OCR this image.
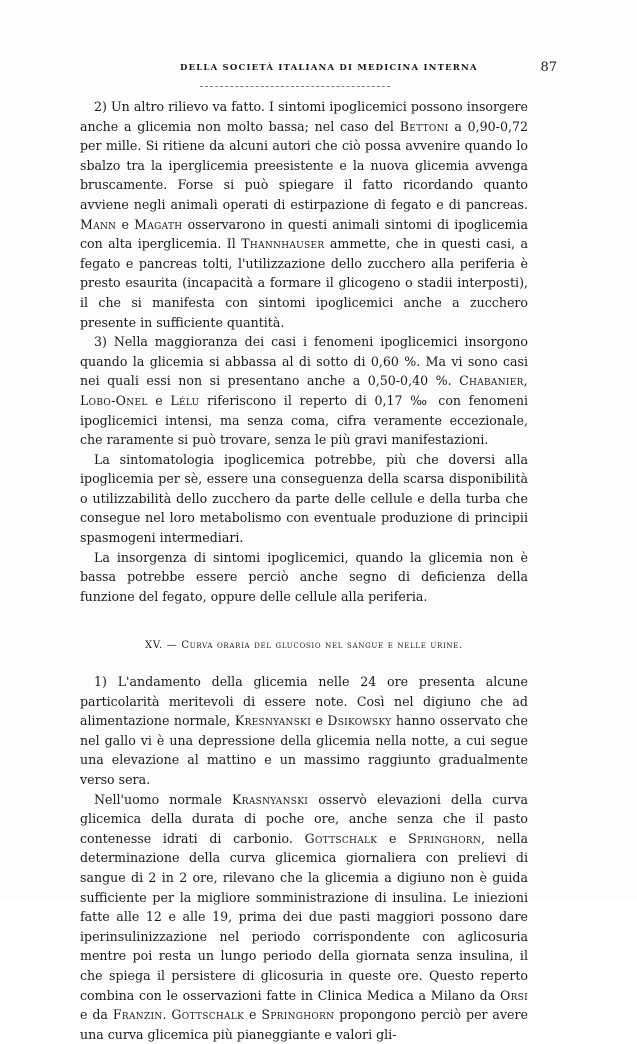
DELLA SOCIETÀ ITALIANA DI MEDICINA INTERNA	87

2) Un altro rilievo va fatto. I sintomi ipoglicemici possono insorgere anche a glicemia non molto bassa; nel caso del Bettoni a 0,90-0,72 per mille. Si ritiene da alcuni autori che ciò possa avvenire quando lo sbalzo tra la iperglicemia preesistente e la nuova glicemia avvenga bruscamente. Forse si può spiegare il fatto ricordando quanto avviene negli animali operati di estirpazione di fegato e di pancreas. Mann e Magath osservarono in questi animali sintomi di ipoglicemia con alta iperglicemia. Il Thannhauser ammette, che in questi casi, a fegato e pancreas tolti, l'utilizzazione dello zucchero alla periferia è presto esaurita (incapacità a formare il glicogeno o stadii interposti), il che si manifesta con sintomi ipoglicemici anche a zucchero presente in sufficiente quantità.

3) Nella maggioranza dei casi i fenomeni ipoglicemici insorgono quando la glicemia si abbassa al di sotto di 0,60 %. Ma vi sono casi nei quali essi non si presentano anche a 0,50-0,40 %. Chabanier, Lobo-Onel e Lélu riferiscono il reperto di 0,17 ‰ con fenomeni ipoglicemici intensi, ma senza coma, cifra veramente eccezionale, che raramente si può trovare, senza le più gravi manifestazioni.

La sintomatologia ipoglicemica potrebbe, più che doversi alla ipoglicemia per sè, essere una conseguenza della scarsa disponibilità o utilizzabilità dello zucchero da parte delle cellule e della turba che consegue nel loro metabolismo con eventuale produzione di principii spasmogeni intermediari.

La insorgenza di sintomi ipoglicemici, quando la glicemia non è bassa potrebbe essere perciò anche segno di deficienza della funzione del fegato, oppure delle cellule alla periferia.

XV. — Curva oraria del glucosio nel sangue e nelle urine.

1) L'andamento della glicemia nelle 24 ore presenta alcune particolarità meritevoli di essere note. Così nel digiuno che ad alimentazione normale, Kresnyanski e Dsikowsky hanno osservato che nel gallo vi è una depressione della glicemia nella notte, a cui segue una elevazione al mattino e un massimo raggiunto gradualmente verso sera.

Nell'uomo normale Krasnyanski osservò elevazioni della curva glicemica della durata di poche ore, anche senza che il pasto contenesse idrati di carbonio. Gottschalk e Springhorn, nella determinazione della curva glicemica giornaliera con prelievi di sangue di 2 in 2 ore, rilevano che la glicemia a digiuno non è guida sufficiente per la migliore somministrazione di insulina. Le iniezioni fatte alle 12 e alle 19, prima dei due pasti maggiori possono dare iperinsulinizzazione nel periodo corrispondente con aglicosuria mentre poi resta un lungo periodo della giornata senza insulina, il che spiega il persistere di glicosuria in queste ore. Questo reperto combina con le osservazioni fatte in Clinica Medica a Milano da Orsi e da Franzin. Gottschalk e Springhorn propongono perciò per avere una curva glicemica più pianeggiante e valori gli-
